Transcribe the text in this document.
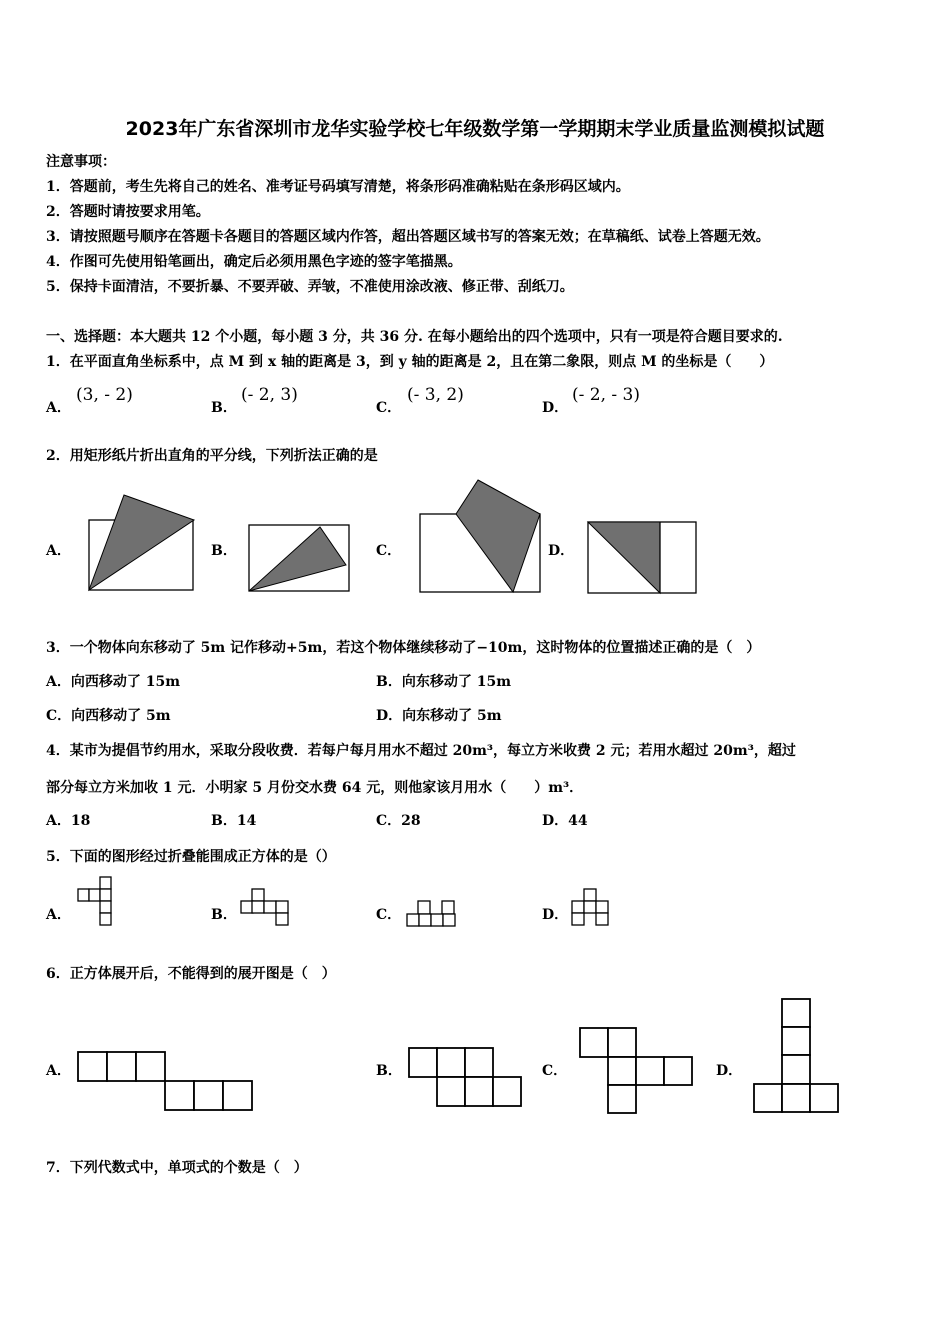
2023年广东省深圳市龙华实验学校七年级数学第一学期期末学业质量监测模拟试题
注意事项：
1．答题前，考生先将自己的姓名、准考证号码填写清楚，将条形码准确粘贴在条形码区域内。
2．答题时请按要求用笔。
3．请按照题号顺序在答题卡各题目的答题区域内作答，超出答题区域书写的答案无效；在草稿纸、试卷上答题无效。
4．作图可先使用铅笔画出，确定后必须用黑色字迹的签字笔描黑。
5．保持卡面清洁，不要折暴、不要弄破、弄皱，不准使用涂改液、修正带、刮纸刀。
一、选择题：本大题共 12 个小题，每小题 3 分，共 36 分. 在每小题给出的四个选项中，只有一项是符合题目要求的.
1．在平面直角坐标系中，点 M 到 x 轴的距离是 3，到 y 轴的距离是 2，且在第二象限，则点 M 的坐标是（　　）
A．
(3, - 2)
B．
(- 2, 3)
C．
(- 3, 2)
D．
(- 2, - 3)
2．用矩形纸片折出直角的平分线，下列折法正确的是
A．	B．	C．	D．
3．一个物体向东移动了 5m 记作移动+5m，若这个物体继续移动了−10m，这时物体的位置描述正确的是（　）
A．向西移动了 15m	B．向东移动了 15m
C．向西移动了 5m	D．向东移动了 5m
4．某市为提倡节约用水，采取分段收费．若每户每月用水不超过 20m³，每立方米收费 2 元；若用水超过 20m³，超过
部分每立方米加收 1 元．小明家 5 月份交水费 64 元，则他家该月用水（　　）m³．
A．18	B．14	C．28	D．44
5．下面的图形经过折叠能围成正方体的是（）
A．	B．	C．	D．
6．正方体展开后，不能得到的展开图是（　）
A．	B．	C．	D．
7．下列代数式中，单项式的个数是（　）
